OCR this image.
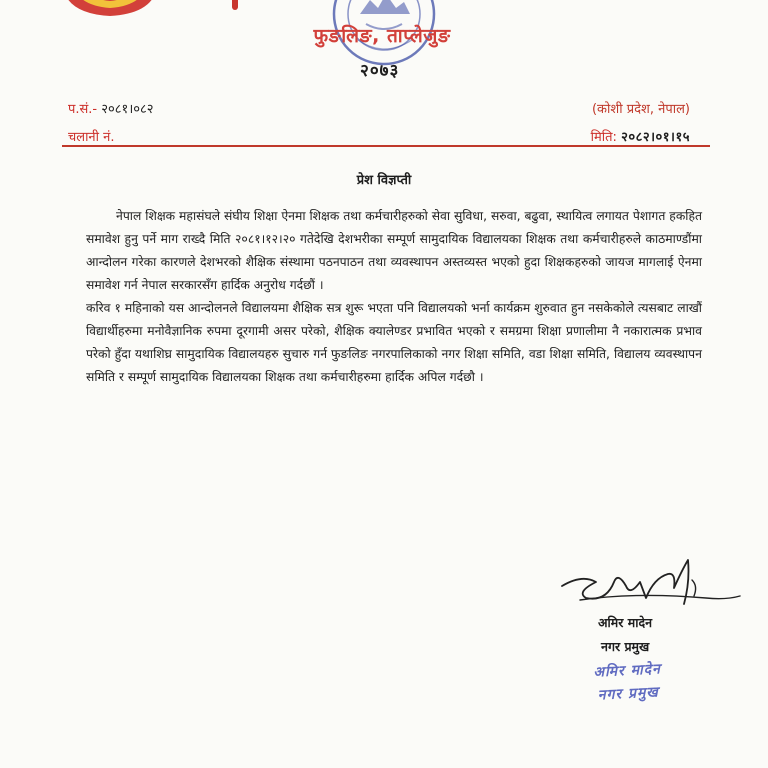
फुङलिङ, ताप्लेजुङ
२०७३
प.सं.- २०८१।०८२
चलानी नं.
(कोशी प्रदेश, नेपाल)
मिति: २०८२।०१।१५
प्रेश विज्ञप्ती

नेपाल शिक्षक महासंघले संघीय शिक्षा ऐनमा शिक्षक तथा कर्मचारीहरुको सेवा सुविधा, सरुवा, बढुवा, स्थायित्व लगायत पेशागत हकहित समावेश हुनु पर्ने माग राख्दै मिति २०८१।१२।२० गतेदेखि देशभरीका सम्पूर्ण सामुदायिक विद्यालयका शिक्षक तथा कर्मचारीहरुले काठमाण्डौंमा आन्दोलन गरेका कारणले देशभरको शैक्षिक संस्थामा पठनपाठन तथा व्यवस्थापन अस्तव्यस्त भएको हुदा शिक्षकहरुको जायज मागलाई ऐनमा समावेश गर्न नेपाल सरकारसँग हार्दिक अनुरोध गर्दछौं ।

करिव १ महिनाको यस आन्दोलनले विद्यालयमा शैक्षिक सत्र शुरू भएता पनि विद्यालयको भर्ना कार्यक्रम शुरुवात हुन नसकेकोले त्यसबाट लाखौं विद्यार्थीहरुमा मनोवैज्ञानिक रुपमा दूरगामी असर परेको, शैक्षिक क्यालेण्डर प्रभावित भएको र समग्रमा शिक्षा प्रणालीमा नै नकारात्मक प्रभाव परेको हुँदा यथाशिघ्र सामुदायिक विद्यालयहरु सुचारु गर्न फुङलिङ नगरपालिकाको नगर शिक्षा समिति, वडा शिक्षा समिति, विद्यालय व्यवस्थापन समिति र सम्पूर्ण सामुदायिक विद्यालयका शिक्षक तथा कर्मचारीहरुमा हार्दिक अपिल गर्दछौ ।

अमिर मादेन
नगर प्रमुख
अमिर मादेन
नगर प्रमुख
